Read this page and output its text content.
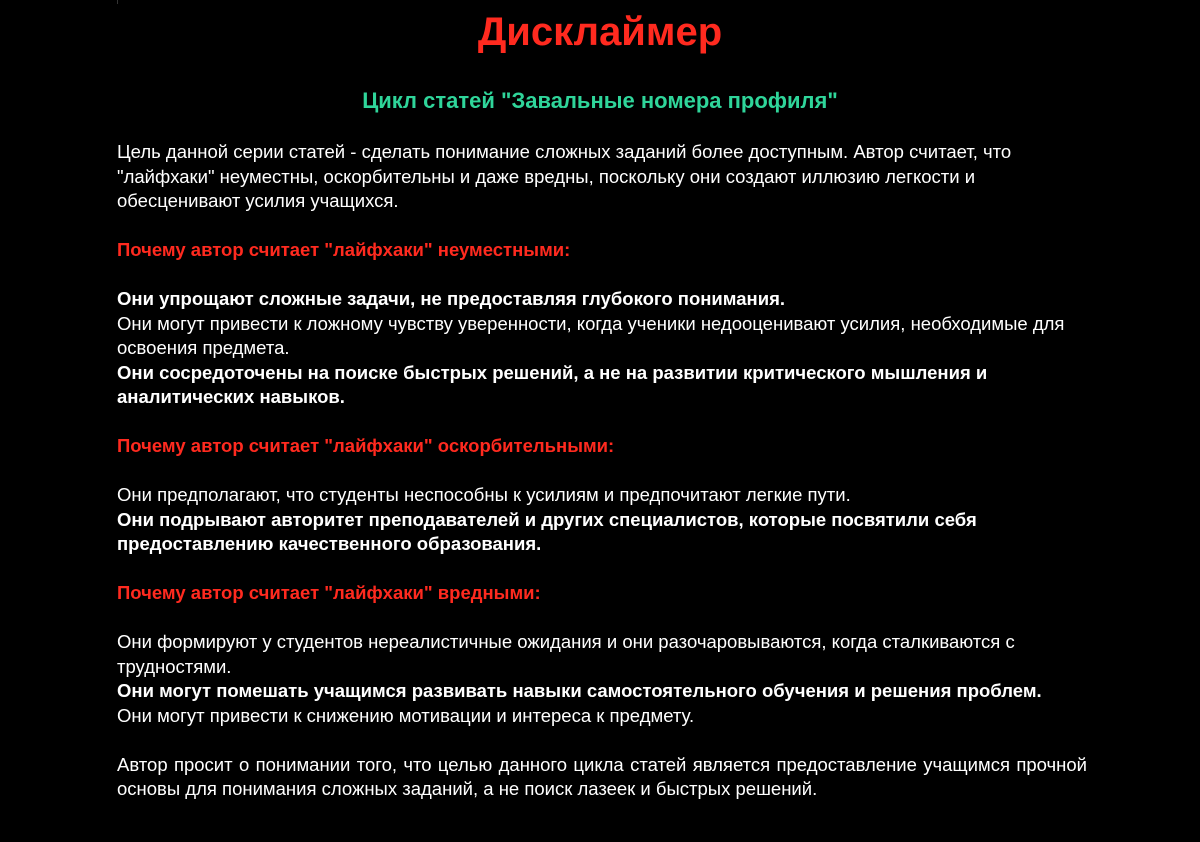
Дисклаймер
Цикл статей "Завальные номера профиля"

Цель данной серии статей - сделать понимание сложных заданий более доступным. Автор считает, что "лайфхаки" неуместны, оскорбительны и даже вредны, поскольку они создают иллюзию легкости и обесценивают усилия учащихся.

Почему автор считает "лайфхаки" неуместными:

Они упрощают сложные задачи, не предоставляя глубокого понимания.

Они могут привести к ложному чувству уверенности, когда ученики недооценивают усилия, необходимые для освоения предмета.

Они сосредоточены на поиске быстрых решений, а не на развитии критического мышления и аналитических навыков.

Почему автор считает "лайфхаки" оскорбительными:

Они предполагают, что студенты неспособны к усилиям и предпочитают легкие пути.

Они подрывают авторитет преподавателей и других специалистов, которые посвятили себя предоставлению качественного образования.

Почему автор считает "лайфхаки" вредными:

Они формируют у студентов нереалистичные ожидания и они разочаровываются, когда сталкиваются с трудностями.

Они могут помешать учащимся развивать навыки самостоятельного обучения и решения проблем.

Они могут привести к снижению мотивации и интереса к предмету.

Автор просит о понимании того, что целью данного цикла статей является предоставление учащимся прочной основы для понимания сложных заданий, а не поиск лазеек и быстрых решений.
